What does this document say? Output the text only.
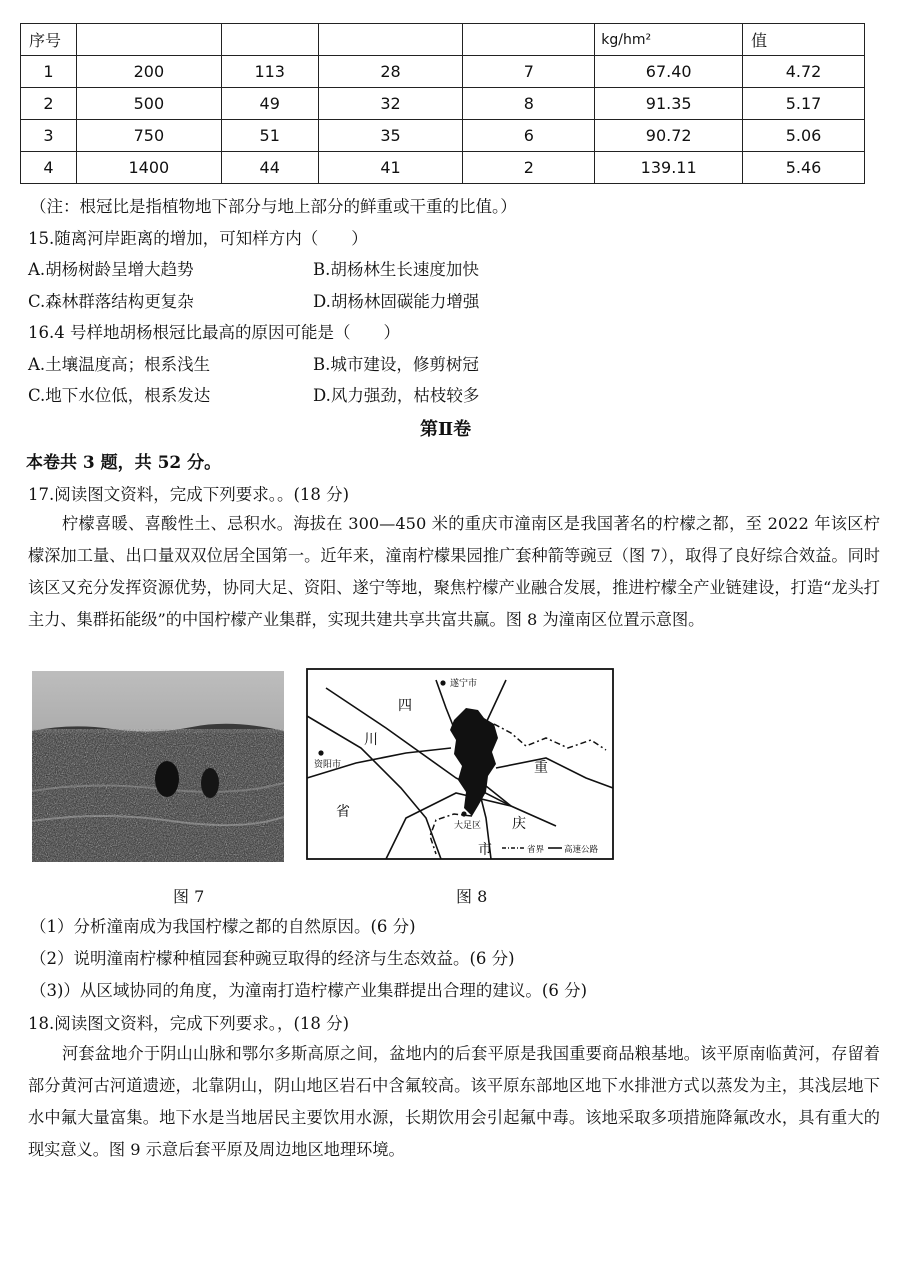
序号					kg/hm²	值
1	200	113	28	7	67.40	4.72
2	500	49	32	8	91.35	5.17
3	750	51	35	6	90.72	5.06
4	1400	44	41	2	139.11	5.46
（注：根冠比是指植物地下部分与地上部分的鲜重或干重的比值。）
15.随离河岸距离的增加，可知样方内（　　）
A.胡杨树龄呈增大趋势	B.胡杨林生长速度加快
C.森林群落结构更复杂	D.胡杨林固碳能力增强
16.4 号样地胡杨根冠比最高的原因可能是（　　）
A.土壤温度高；根系浅生	B.城市建设，修剪树冠
C.地下水位低，根系发达	D.风力强劲，枯枝较多
第Ⅱ卷
本卷共 3 题，共 52 分。
17.阅读图文资料，完成下列要求。。(18 分)
柠檬喜暖、喜酸性土、忌积水。海拔在 300—450 米的重庆市潼南区是我国著名的柠檬之都，至 2022 年该区柠檬深加工量、出口量双双位居全国第一。近年来，潼南柠檬果园推广套种箭等豌豆（图 7），取得了良好综合效益。同时该区又充分发挥资源优势，协同大足、资阳、遂宁等地，聚焦柠檬产业融合发展，推进柠檬全产业链建设，打造“龙头打主力、集群拓能级”的中国柠檬产业集群，实现共建共享共富共赢。图 8 为潼南区位置示意图。
遂宁市
四
川
资阳市
省
重
庆
市
大足区
省界 高速公路
图 7	图 8
（1）分析潼南成为我国柠檬之都的自然原因。(6 分)
（2）说明潼南柠檬种植园套种豌豆取得的经济与生态效益。(6 分)
（3)）从区域协同的角度，为潼南打造柠檬产业集群提出合理的建议。(6 分)
18.阅读图文资料，完成下列要求。，(18 分)
河套盆地介于阴山山脉和鄂尔多斯高原之间，盆地内的后套平原是我国重要商品粮基地。该平原南临黄河，存留着部分黄河古河道遗迹，北靠阴山，阴山地区岩石中含氟较高。该平原东部地区地下水排泄方式以蒸发为主，其浅层地下水中氟大量富集。地下水是当地居民主要饮用水源，长期饮用会引起氟中毒。该地采取多项措施降氟改水，具有重大的现实意义。图 9 示意后套平原及周边地区地理环境。
